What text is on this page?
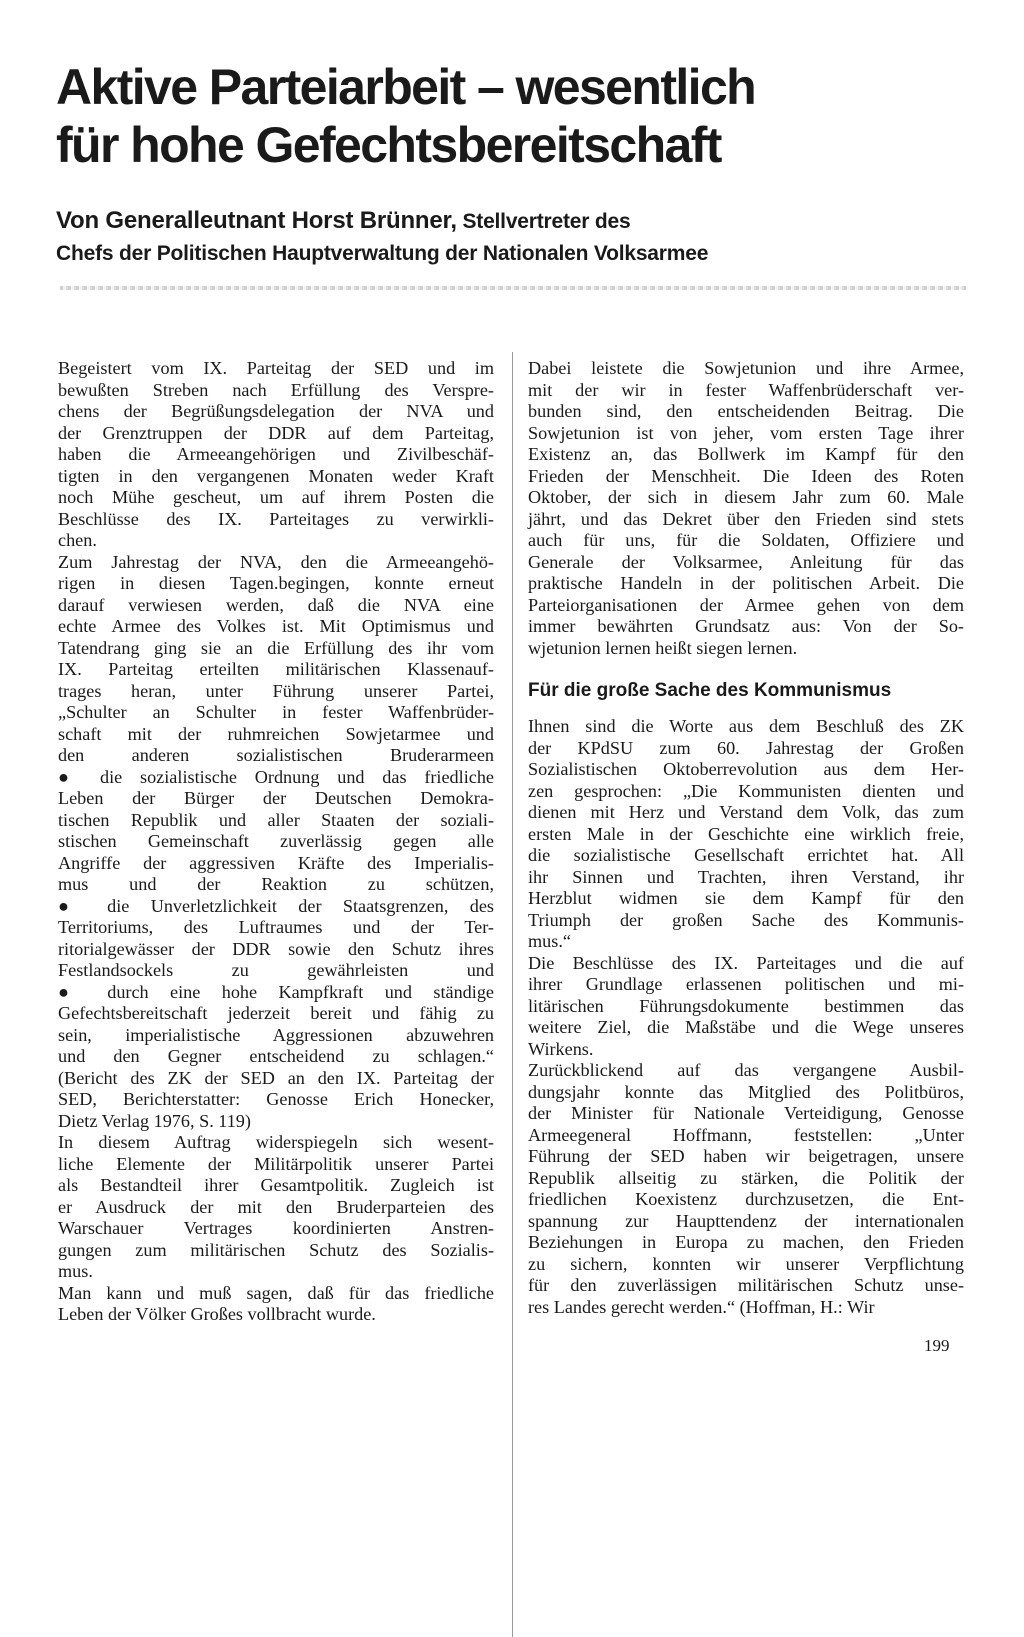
Aktive Parteiarbeit – wesentlich
für hohe Gefechtsbereitschaft
Von Generalleutnant Horst Brünner, Stellvertreter des
Chefs der Politischen Hauptverwaltung der Nationalen Volksarmee
Begeistert vom IX. Parteitag der SED und im
bewußten Streben nach Erfüllung des Verspre-
chens der Begrüßungsdelegation der NVA und
der Grenztruppen der DDR auf dem Parteitag,
haben die Armeeangehörigen und Zivilbeschäf-
tigten in den vergangenen Monaten weder Kraft
noch Mühe gescheut, um auf ihrem Posten die
Beschlüsse des IX. Parteitages zu verwirkli-
chen.
Zum Jahrestag der NVA, den die Armeeangehö-
rigen in diesen Tagen.begingen, konnte erneut
darauf verwiesen werden, daß die NVA eine
echte Armee des Volkes ist. Mit Optimismus und
Tatendrang ging sie an die Erfüllung des ihr vom
IX. Parteitag erteilten militärischen Klassenauf-
trages heran, unter Führung unserer Partei,
„Schulter an Schulter in fester Waffenbrüder-
schaft mit der ruhmreichen Sowjetarmee und
den anderen sozialistischen Bruderarmeen
● die sozialistische Ordnung und das friedliche
Leben der Bürger der Deutschen Demokra-
tischen Republik und aller Staaten der soziali-
stischen Gemeinschaft zuverlässig gegen alle
Angriffe der aggressiven Kräfte des Imperialis-
mus und der Reaktion zu schützen,
● die Unverletzlichkeit der Staatsgrenzen, des
Territoriums, des Luftraumes und der Ter-
ritorialgewässer der DDR sowie den Schutz ihres
Festlandsockels zu gewährleisten und
● durch eine hohe Kampfkraft und ständige
Gefechtsbereitschaft jederzeit bereit und fähig zu
sein, imperialistische Aggressionen abzuwehren
und den Gegner entscheidend zu schlagen.“
(Bericht des ZK der SED an den IX. Parteitag der
SED, Berichterstatter: Genosse Erich Honecker,
Dietz Verlag 1976, S. 119)
In diesem Auftrag widerspiegeln sich wesent-
liche Elemente der Militärpolitik unserer Partei
als Bestandteil ihrer Gesamtpolitik. Zugleich ist
er Ausdruck der mit den Bruderparteien des
Warschauer Vertrages koordinierten Anstren-
gungen zum militärischen Schutz des Sozialis-
mus.
Man kann und muß sagen, daß für das friedliche
Leben der Völker Großes vollbracht wurde.
Dabei leistete die Sowjetunion und ihre Armee,
mit der wir in fester Waffenbrüderschaft ver-
bunden sind, den entscheidenden Beitrag. Die
Sowjetunion ist von jeher, vom ersten Tage ihrer
Existenz an, das Bollwerk im Kampf für den
Frieden der Menschheit. Die Ideen des Roten
Oktober, der sich in diesem Jahr zum 60. Male
jährt, und das Dekret über den Frieden sind stets
auch für uns, für die Soldaten, Offiziere und
Generale der Volksarmee, Anleitung für das
praktische Handeln in der politischen Arbeit. Die
Parteiorganisationen der Armee gehen von dem
immer bewährten Grundsatz aus: Von der So-
wjetunion lernen heißt siegen lernen.
Für die große Sache des Kommunismus
Ihnen sind die Worte aus dem Beschluß des ZK
der KPdSU zum 60. Jahrestag der Großen
Sozialistischen Oktoberrevolution aus dem Her-
zen gesprochen: „Die Kommunisten dienten und
dienen mit Herz und Verstand dem Volk, das zum
ersten Male in der Geschichte eine wirklich freie,
die sozialistische Gesellschaft errichtet hat. All
ihr Sinnen und Trachten, ihren Verstand, ihr
Herzblut widmen sie dem Kampf für den
Triumph der großen Sache des Kommunis-
mus.“
Die Beschlüsse des IX. Parteitages und die auf
ihrer Grundlage erlassenen politischen und mi-
litärischen Führungsdokumente bestimmen das
weitere Ziel, die Maßstäbe und die Wege unseres
Wirkens.
Zurückblickend auf das vergangene Ausbil-
dungsjahr konnte das Mitglied des Politbüros,
der Minister für Nationale Verteidigung, Genosse
Armeegeneral Hoffmann, feststellen: „Unter
Führung der SED haben wir beigetragen, unsere
Republik allseitig zu stärken, die Politik der
friedlichen Koexistenz durchzusetzen, die Ent-
spannung zur Haupttendenz der internationalen
Beziehungen in Europa zu machen, den Frieden
zu sichern, konnten wir unserer Verpflichtung
für den zuverlässigen militärischen Schutz unse-
res Landes gerecht werden.“ (Hoffman, H.: Wir
199
